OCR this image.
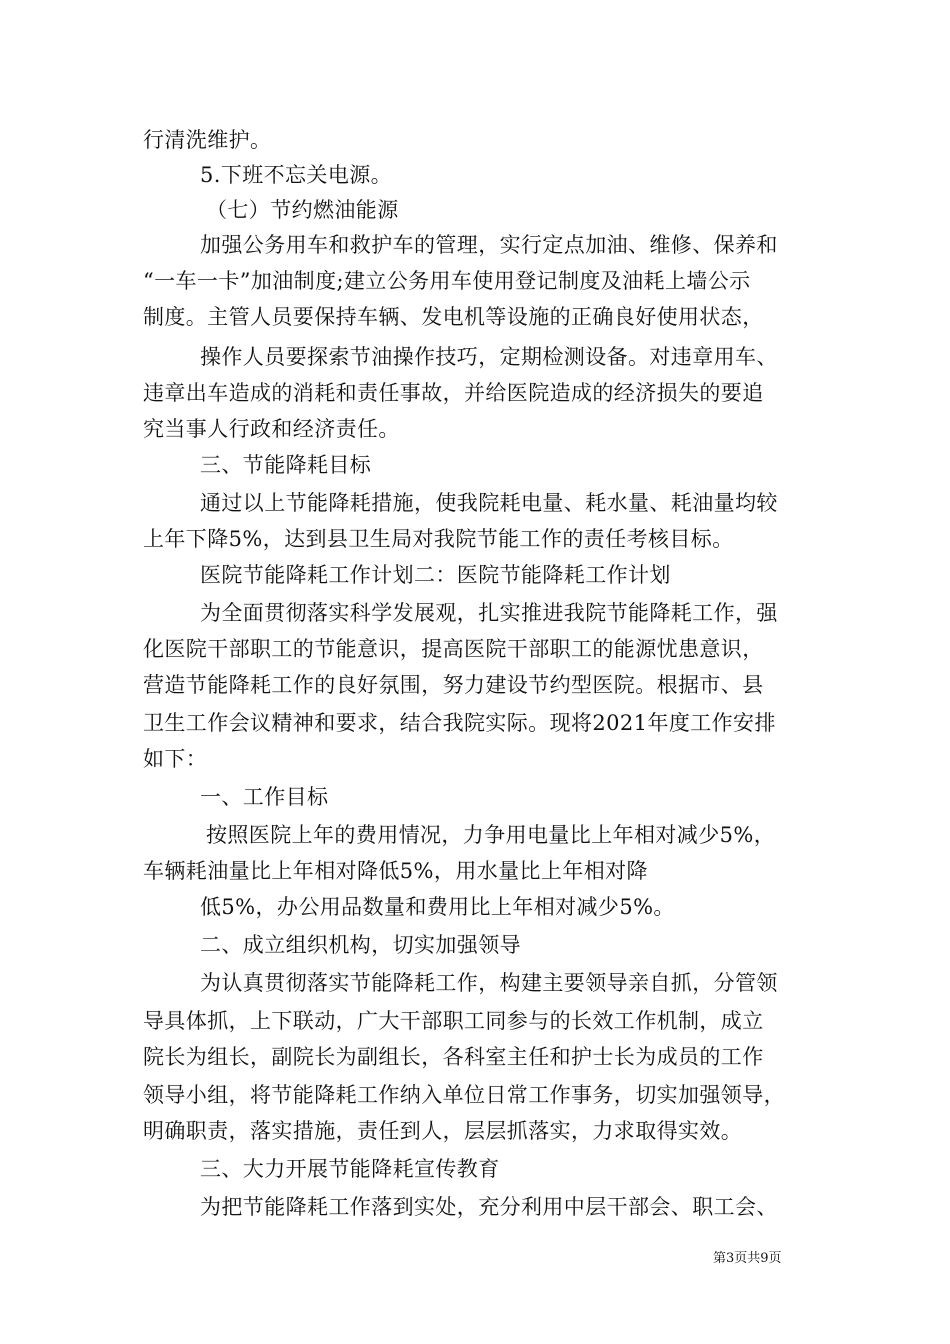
行清洗维护。
5.下班不忘关电源。
（七）节约燃油能源
加强公务用车和救护车的管理，实行定点加油、维修、保养和
“一车一卡”加油制度;建立公务用车使用登记制度及油耗上墙公示
制度。主管人员要保持车辆、发电机等设施的正确良好使用状态，
操作人员要探索节油操作技巧，定期检测设备。对违章用车、
违章出车造成的消耗和责任事故，并给医院造成的经济损失的要追
究当事人行政和经济责任。
三、节能降耗目标
通过以上节能降耗措施，使我院耗电量、耗水量、耗油量均较
上年下降5%，达到县卫生局对我院节能工作的责任考核目标。
医院节能降耗工作计划二：医院节能降耗工作计划
为全面贯彻落实科学发展观，扎实推进我院节能降耗工作，强
化医院干部职工的节能意识，提高医院干部职工的能源忧患意识，
营造节能降耗工作的良好氛围，努力建设节约型医院。根据市、县
卫生工作会议精神和要求，结合我院实际。现将2021年度工作安排
如下：
一、工作目标
按照医院上年的费用情况，力争用电量比上年相对减少5%，
车辆耗油量比上年相对降低5%，用水量比上年相对降
低5%，办公用品数量和费用比上年相对减少5%。
二、成立组织机构，切实加强领导
为认真贯彻落实节能降耗工作，构建主要领导亲自抓，分管领
导具体抓，上下联动，广大干部职工同参与的长效工作机制，成立
院长为组长，副院长为副组长，各科室主任和护士长为成员的工作
领导小组，将节能降耗工作纳入单位日常工作事务，切实加强领导，
明确职责，落实措施，责任到人，层层抓落实，力求取得实效。
三、大力开展节能降耗宣传教育
为把节能降耗工作落到实处，充分利用中层干部会、职工会、
第3页共9页
